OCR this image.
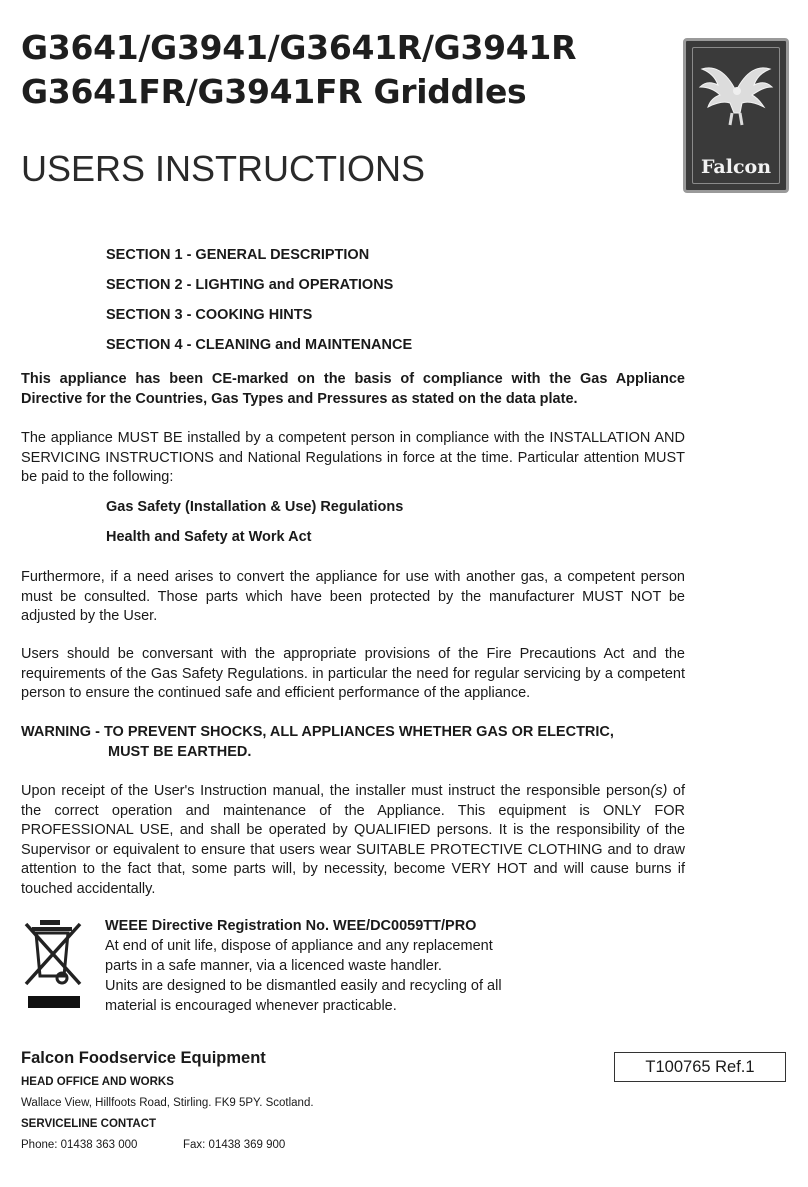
G3641/G3941/G3641R/G3941R
G3641FR/G3941FR Griddles
USERS INSTRUCTIONS	Falcon
SECTION 1 - GENERAL DESCRIPTION
SECTION 2 - LIGHTING and OPERATIONS
SECTION 3 - COOKING HINTS
SECTION 4 - CLEANING and MAINTENANCE
This appliance has been CE-marked on the basis of compliance with the Gas Appliance Directive for the Countries, Gas Types and Pressures as stated on the data plate.
The appliance MUST BE installed by a competent person in compliance with the INSTALLATION AND SERVICING INSTRUCTIONS and National Regulations in force at the time. Particular attention MUST be paid to the following:
Gas Safety (Installation & Use) Regulations
Health and Safety at Work Act
Furthermore, if a need arises to convert the appliance for use with another gas, a competent person must be consulted. Those parts which have been protected by the manufacturer MUST NOT be adjusted by the User.
Users should be conversant with the appropriate provisions of the Fire Precautions Act and the requirements of the Gas Safety Regulations. in particular the need for regular servicing by a competent person to ensure the continued safe and efficient performance of the appliance.
WARNING - TO PREVENT SHOCKS, ALL APPLIANCES WHETHER GAS OR ELECTRIC,
MUST BE EARTHED.
Upon receipt of the User's Instruction manual, the installer must instruct the responsible person(s) of the correct operation and maintenance of the Appliance. This equipment is ONLY FOR PROFESSIONAL USE, and shall be operated by QUALIFIED persons. It is the responsibility of the Supervisor or equivalent to ensure that users wear SUITABLE PROTECTIVE CLOTHING and to draw attention to the fact that, some parts will, by necessity, become VERY HOT and will cause burns if touched accidentally.
WEEE Directive Registration No. WEE/DC0059TT/PRO
At end of unit life, dispose of appliance and any replacement
parts in a safe manner, via a licenced waste handler.
Units are designed to be dismantled easily and recycling of all
material is encouraged whenever practicable.
Falcon Foodservice Equipment
HEAD OFFICE AND WORKS
Wallace View, Hillfoots Road, Stirling. FK9 5PY. Scotland.
SERVICELINE CONTACT
Phone: 01438 363 000	Fax: 01438 369 900
T100765 Ref.1
